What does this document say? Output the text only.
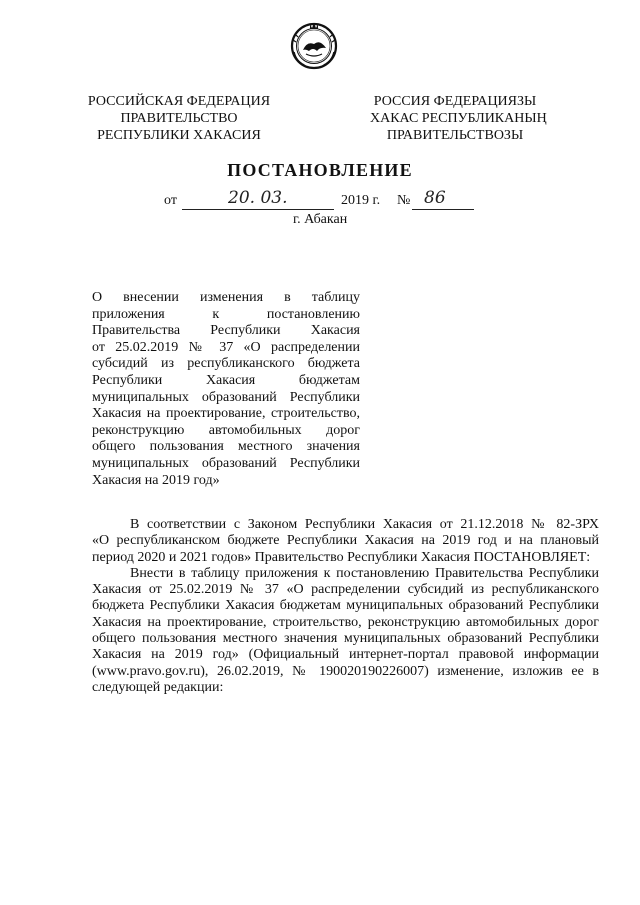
РОССИЙСКАЯ ФЕДЕРАЦИЯ
ПРАВИТЕЛЬСТВО
РЕСПУБЛИКИ ХАКАСИЯ
РОССИЯ ФЕДЕРАЦИЯЗЫ
ХАКАС РЕСПУБЛИКАНЫҢ
ПРАВИТЕЛЬСТВОЗЫ
ПОСТАНОВЛЕНИЕ
от	20. 03.	2019 г. № 86
г. Абакан
О внесении изменения в таблицу
приложения к постановлению
Правительства Республики Хакасия
от 25.02.2019 № 37 «О распределении
субсидий из республиканского бюджета
Республики Хакасия бюджетам
муниципальных образований Республики
Хакасия на проектирование, строительство,
реконструкцию автомобильных дорог
общего пользования местного значения
муниципальных образований Республики
Хакасия на 2019 год»
В соответствии с Законом Республики Хакасия от 21.12.2018 № 82-ЗРХ
«О республиканском бюджете Республики Хакасия на 2019 год и на плановый
период 2020 и 2021 годов» Правительство Республики Хакасия ПОСТАНОВЛЯЕТ:
Внести в таблицу приложения к постановлению Правительства Республики
Хакасия от 25.02.2019 № 37 «О распределении субсидий из республиканского
бюджета Республики Хакасия бюджетам муниципальных образований Республики
Хакасия на проектирование, строительство, реконструкцию автомобильных дорог
общего пользования местного значения муниципальных образований Республики
Хакасия на 2019 год» (Официальный интернет-портал правовой информации
(www.pravo.gov.ru), 26.02.2019, № 190020190226007) изменение, изложив ее в
следующей редакции:
